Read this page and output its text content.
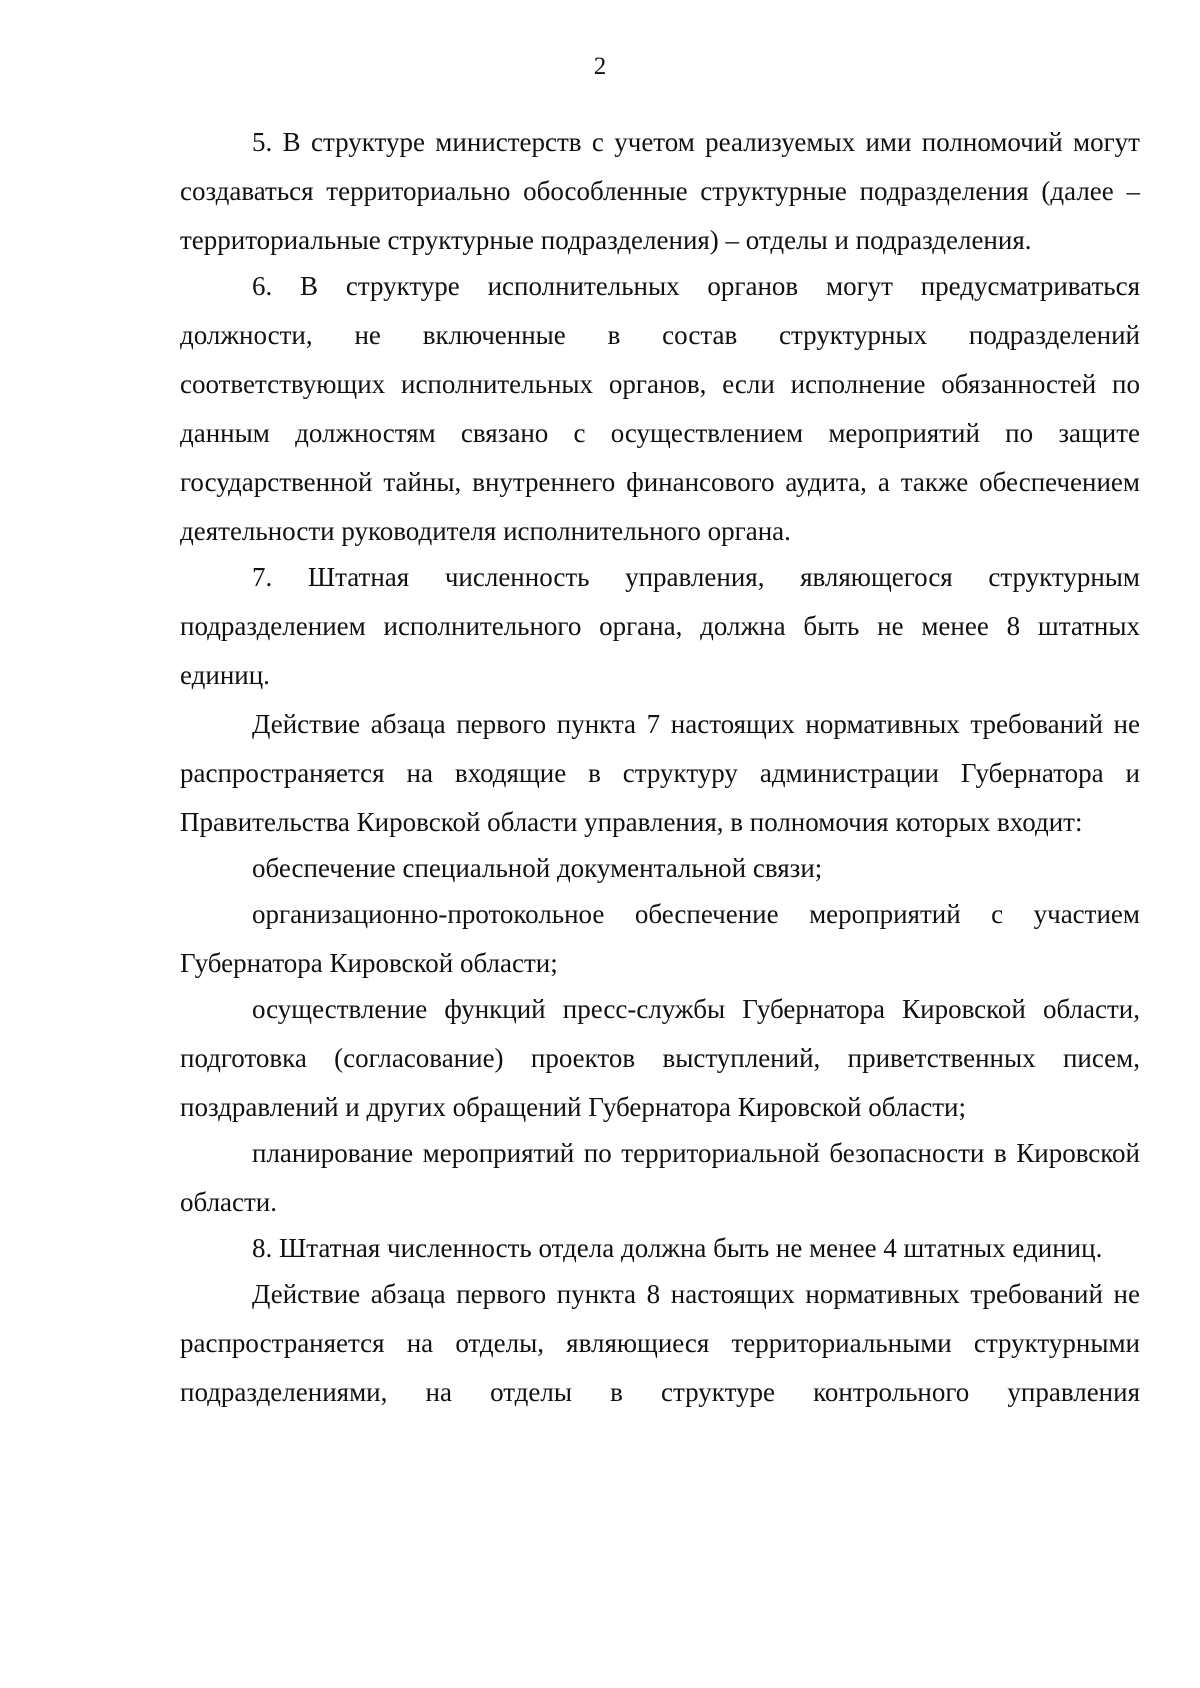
2

5. В структуре министерств с учетом реализуемых ими полномочий могут создаваться территориально обособленные структурные подразделения (далее – территориальные структурные подразделения) – отделы и подразделения.

6. В структуре исполнительных органов могут предусматриваться должности, не включенные в состав структурных подразделений соответствующих исполнительных органов, если исполнение обязанностей по данным должностям связано с осуществлением мероприятий по защите государственной тайны, внутреннего финансового аудита, а также обеспечением деятельности руководителя исполнительного органа.

7. Штатная численность управления, являющегося структурным подразделением исполнительного органа, должна быть не менее 8 штатных единиц.

Действие абзаца первого пункта 7 настоящих нормативных требований не распространяется на входящие в структуру администрации Губернатора и Правительства Кировской области управления, в полномочия которых входит:

обеспечение специальной документальной связи;

организационно-протокольное обеспечение мероприятий с участием Губернатора Кировской области;

осуществление функций пресс-службы Губернатора Кировской области, подготовка (согласование) проектов выступлений, приветственных писем, поздравлений и других обращений Губернатора Кировской области;

планирование мероприятий по территориальной безопасности в Кировской области.

8. Штатная численность отдела должна быть не менее 4 штатных единиц.

Действие абзаца первого пункта 8 настоящих нормативных требований не распространяется на отделы, являющиеся территориальными структурными подразделениями, на отделы в структуре контрольного управления
